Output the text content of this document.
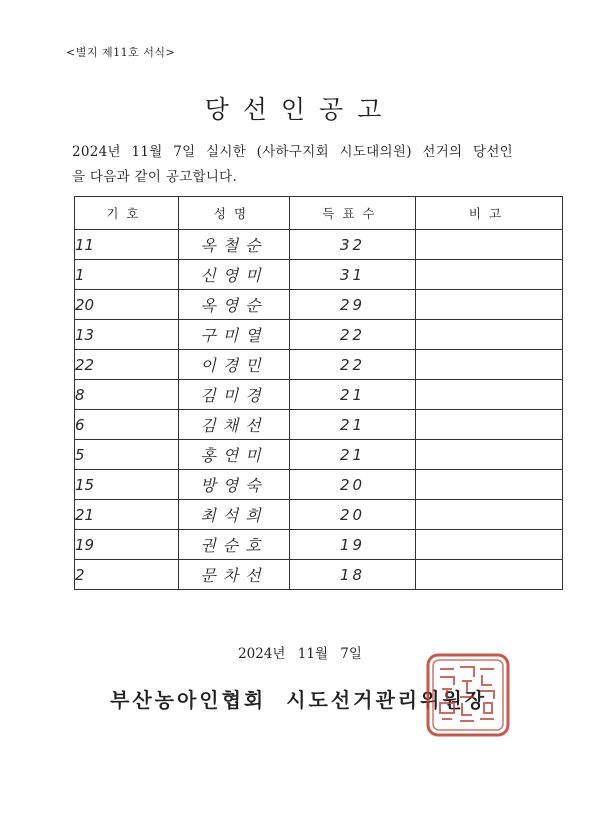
<별지 제11호 서식>
당선인공고
2024년 11월 7일 실시한 (사하구지회 시도대의원) 선거의 당선인
을 다음과 같이 공고합니다.
기호	성명	득표수	비고
11	옥철순	32	
1	신영미	31	
20	옥영순	29	
13	구미열	22	
22	이경민	22	
8	김미경	21	
6	김채선	21	
5	홍연미	21	
15	방영숙	20	
21	최석희	20	
19	권순호	19	
2	문차선	18	
2024년 11월 7일
부산농아인협회 시도선거관리위원장
